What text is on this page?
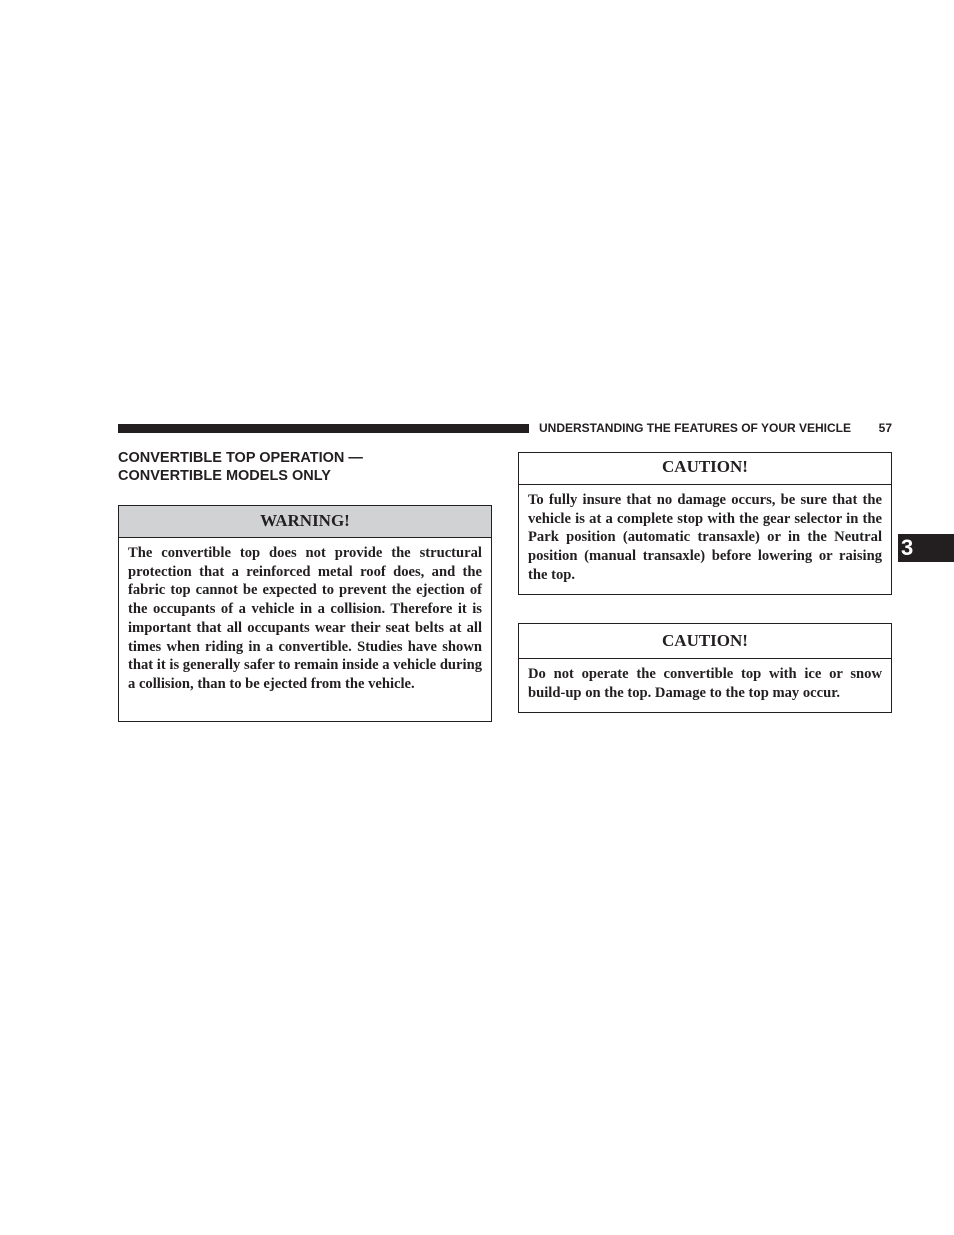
UNDERSTANDING THE FEATURES OF YOUR VEHICLE 57
CONVERTIBLE TOP OPERATION —
CONVERTIBLE MODELS ONLY
WARNING!
The convertible top does not provide the structural protection that a reinforced metal roof does, and the fabric top cannot be expected to prevent the ejection of the occupants of a vehicle in a collision. Therefore it is important that all occupants wear their seat belts at all times when riding in a convertible. Studies have shown that it is generally safer to remain inside a vehicle during a collision, than to be ejected from the vehicle.
CAUTION!
To fully insure that no damage occurs, be sure that the vehicle is at a complete stop with the gear selector in the Park position (automatic transaxle) or in the Neutral position (manual transaxle) before lowering or raising the top.
CAUTION!
Do not operate the convertible top with ice or snow build-up on the top. Damage to the top may occur.
3
